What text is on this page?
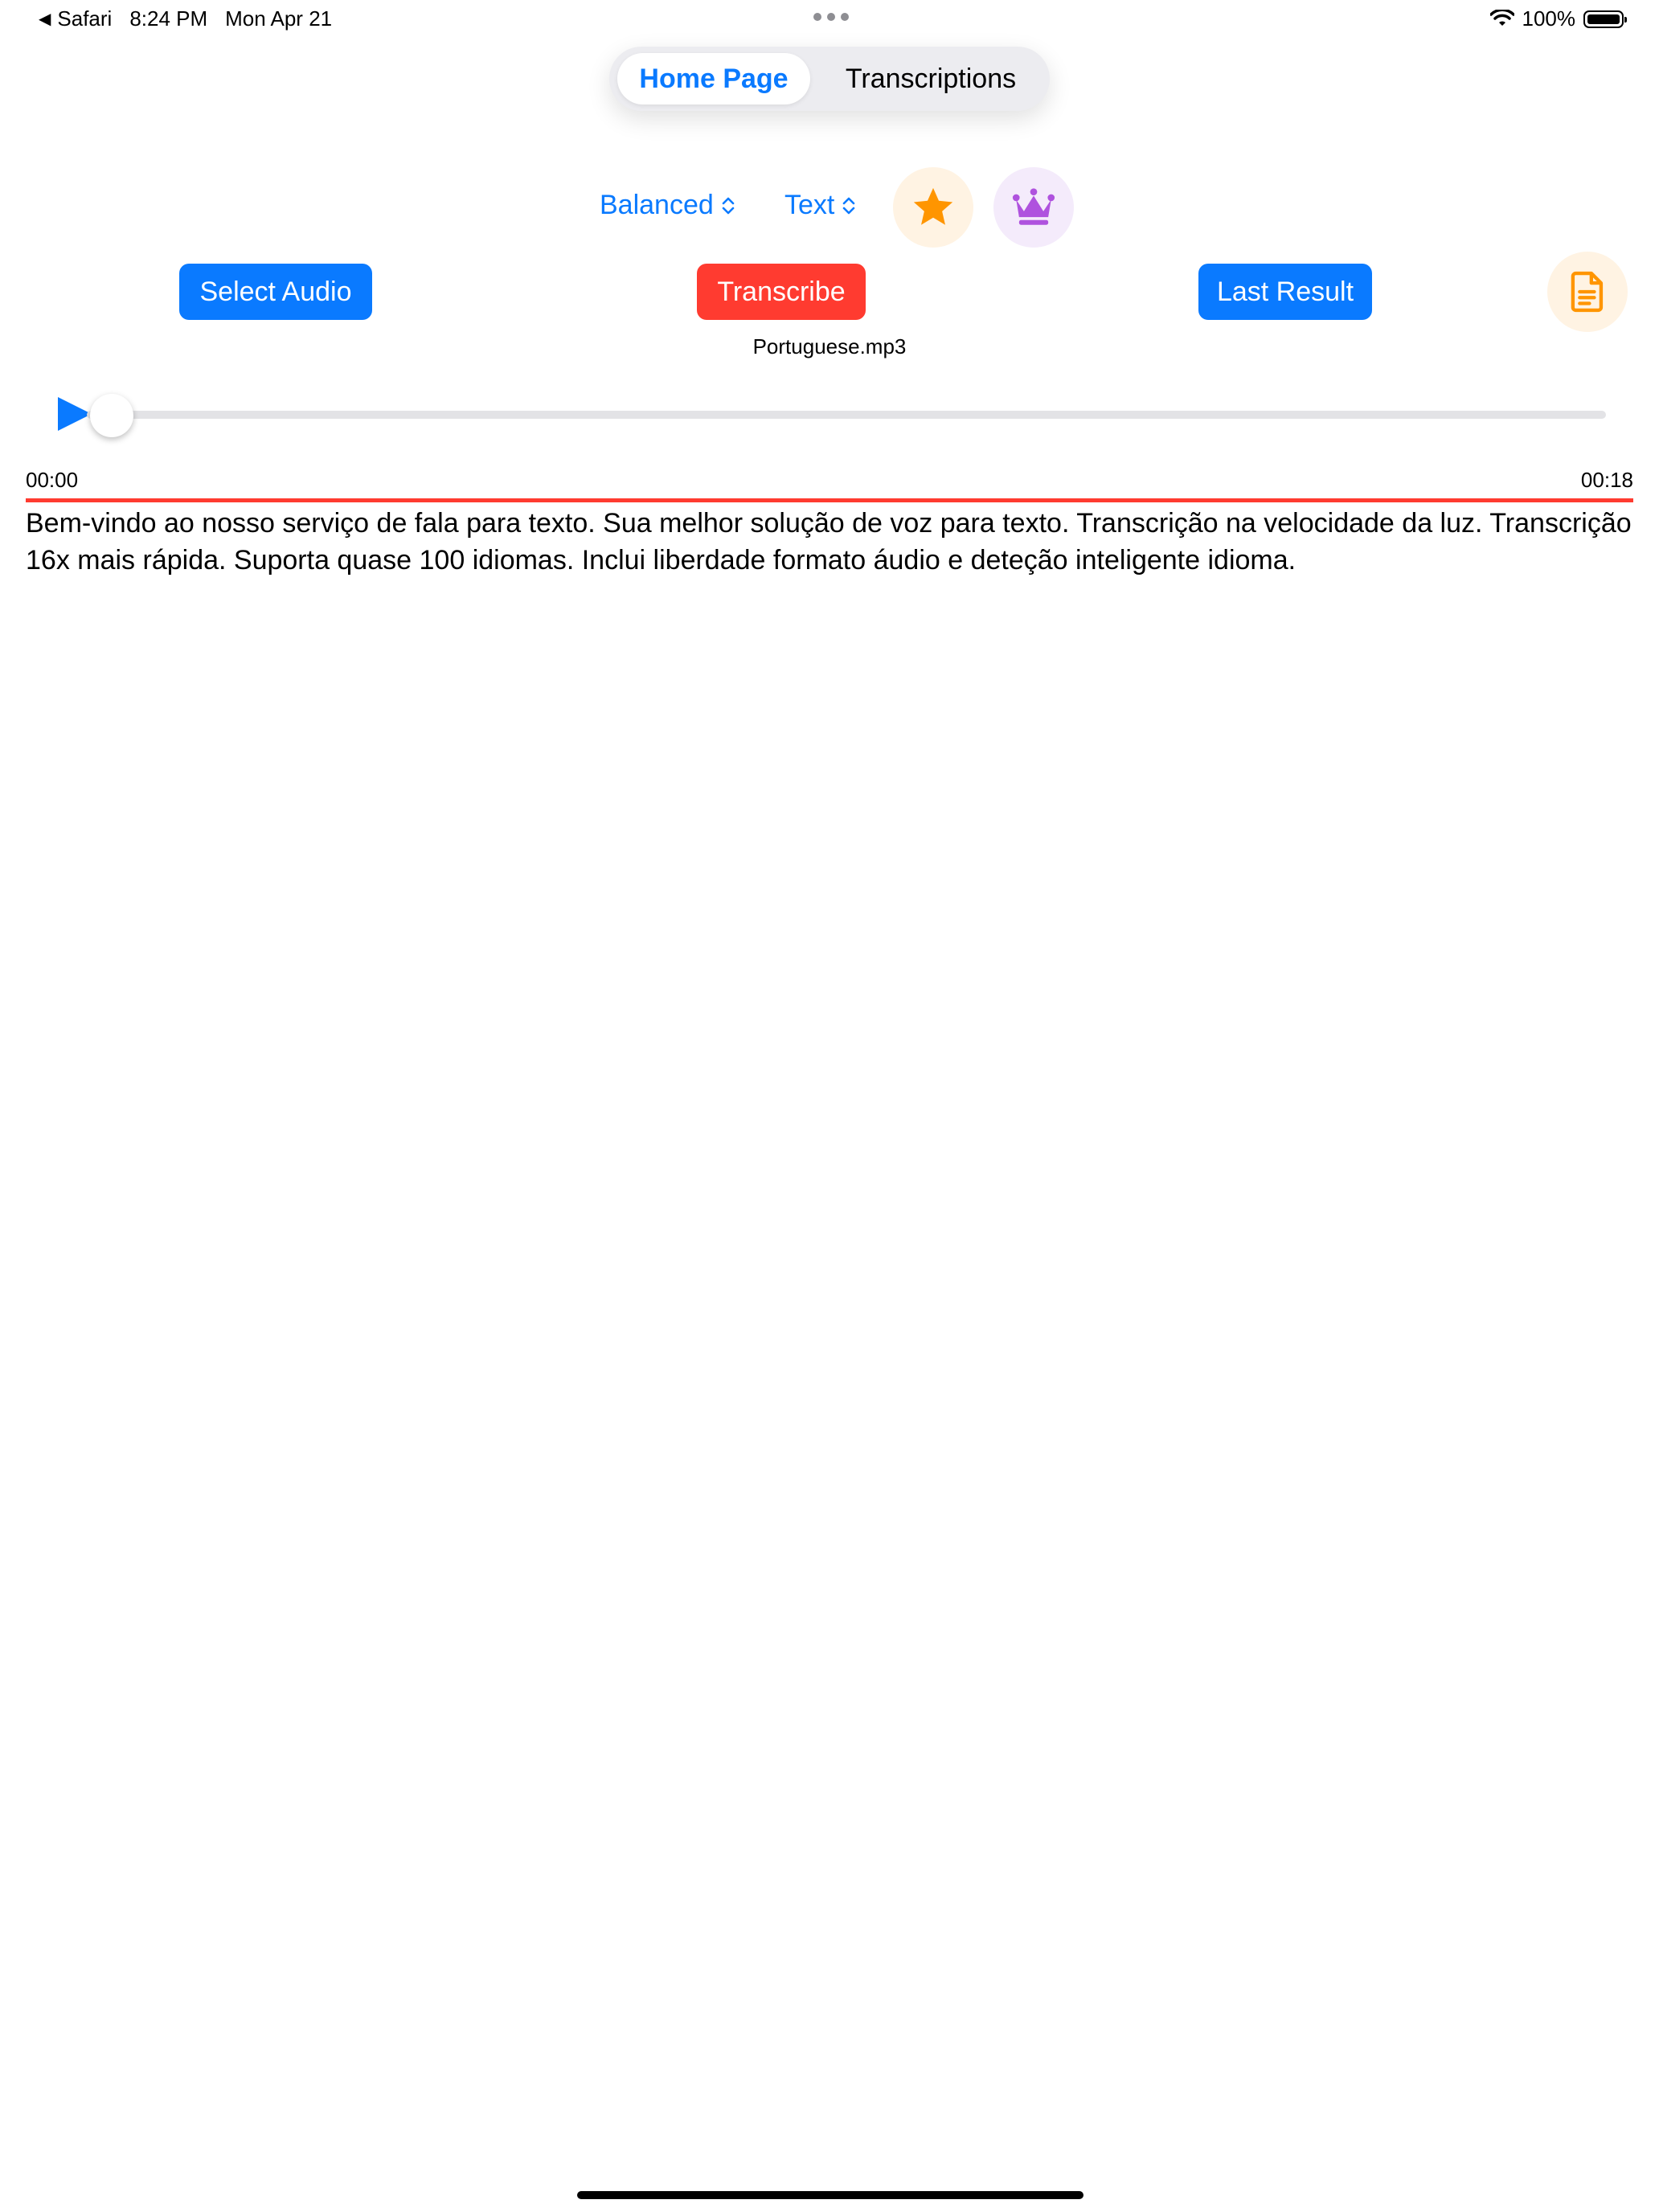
◀ Safari 8:24 PM Mon Apr 21	100%
Home Page	Transcriptions
Balanced	Text
Select Audio	Transcribe	Last Result
Portuguese.mp3
00:00	00:18
Bem-vindo ao nosso serviço de fala para texto. Sua melhor solução de voz para texto. Transcrição na velocidade da luz. Transcrição 16x mais rápida. Suporta quase 100 idiomas. Inclui liberdade formato áudio e deteção inteligente idioma.
